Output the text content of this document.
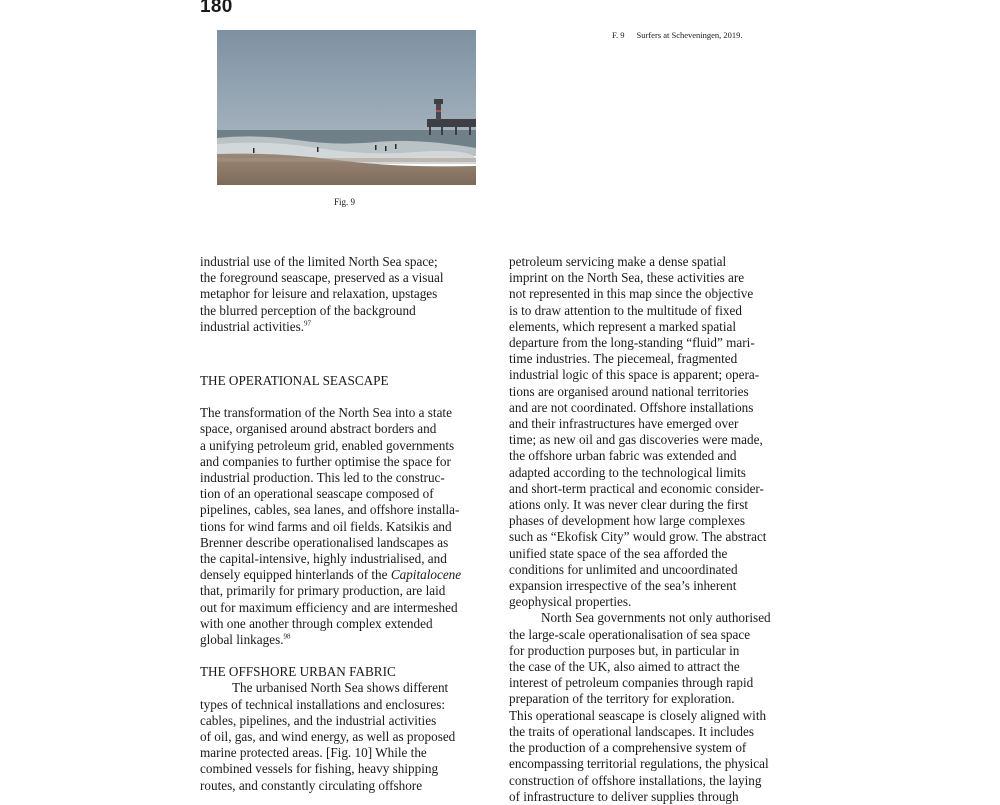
180
Fig. 9
F. 9 Surfers at Scheveningen, 2019.

industrial use of the limited North Sea space;
the foreground seascape, preserved as a visual
metaphor for leisure and relaxation, upstages
the blurred perception of the background
industrial activities.$^{97}$

THE OPERATIONAL SEASCAPE

The transformation of the North Sea into a state
space, organised around abstract borders and
a unifying petroleum grid, enabled governments
and companies to further optimise the space for
industrial production. This led to the construc-
tion of an operational seascape composed of
pipelines, cables, sea lanes, and offshore installa-
tions for wind farms and oil fields. Katsikis and
Brenner describe operationalised landscapes as
the capital-intensive, highly industrialised, and
densely equipped hinterlands of the Capitalocene
that, primarily for primary production, are laid
out for maximum efficiency and are intermeshed
with one another through complex extended
global linkages.$^{98}$

THE OFFSHORE URBAN FABRIC

The urbanised North Sea shows different
types of technical installations and enclosures:
cables, pipelines, and the industrial activities
of oil, gas, and wind energy, as well as proposed
marine protected areas. [Fig. 10] While the
combined vessels for fishing, heavy shipping
routes, and constantly circulating offshore

petroleum servicing make a dense spatial
imprint on the North Sea, these activities are
not represented in this map since the objective
is to draw attention to the multitude of fixed
elements, which represent a marked spatial
departure from the long-standing “fluid” mari-
time industries. The piecemeal, fragmented
industrial logic of this space is apparent; opera-
tions are organised around national territories
and are not coordinated. Offshore installations
and their infrastructures have emerged over
time; as new oil and gas discoveries were made,
the offshore urban fabric was extended and
adapted according to the technological limits
and short-term practical and economic consider-
ations only. It was never clear during the first
phases of development how large complexes
such as “Ekofisk City” would grow. The abstract
unified state space of the sea afforded the
conditions for unlimited and uncoordinated
expansion irrespective of the sea’s inherent
geophysical properties.

North Sea governments not only authorised
the large-scale operationalisation of sea space
for production purposes but, in particular in
the case of the UK, also aimed to attract the
interest of petroleum companies through rapid
preparation of the territory for exploration.
This operational seascape is closely aligned with
the traits of operational landscapes. It includes
the production of a comprehensive system of
encompassing territorial regulations, the physical
construction of offshore installations, the laying
of infrastructure to deliver supplies through
